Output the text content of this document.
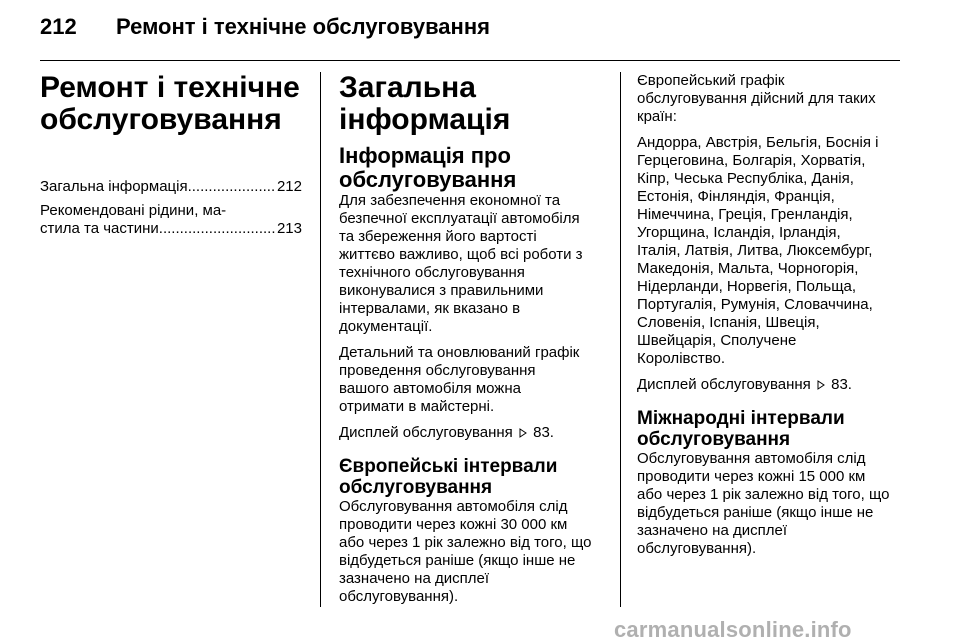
212 Ремонт і технічне обслуговування
Ремонт і технічне
обслуговування
Загальна інформація .....	212
Рекомендовані рідини, ма-
стила та частини .....	213
Загальна інформація
Інформація про
обслуговування
Для забезпечення економної та
безпечної експлуатації автомобіля
та збереження його вартості
життєво важливо, щоб всі роботи з
технічного обслуговування
виконувалися з правильними
інтервалами, як вказано в
документації.
Детальний та оновлюваний графік
проведення обслуговування
вашого автомобіля можна
отримати в майстерні.
Дисплей обслуговування 83.
Європейські інтервали
обслуговування
Обслуговування автомобіля слід
проводити через кожні 30 000 км
або через 1 рік залежно від того, що
відбудеться раніше (якщо інше не
зазначено на дисплеї
обслуговування).
Європейський графік
обслуговування дійсний для таких
країн:
Андорра, Австрія, Бельгія, Боснія і
Герцеговина, Болгарія, Хорватія,
Кіпр, Чеська Республіка, Данія,
Естонія, Фінляндія, Франція,
Німеччина, Греція, Гренландія,
Угорщина, Ісландія, Ірландія,
Італія, Латвія, Литва, Люксембург,
Македонія, Мальта, Чорногорія,
Нідерланди, Норвегія, Польща,
Португалія, Румунія, Словаччина,
Словенія, Іспанія, Швеція,
Швейцарія, Сполучене
Королівство.
Дисплей обслуговування 83.
Міжнародні інтервали
обслуговування
Обслуговування автомобіля слід
проводити через кожні 15 000 км
або через 1 рік залежно від того, що
відбудеться раніше (якщо інше не
зазначено на дисплеї
обслуговування).
carmanualsonline.info
